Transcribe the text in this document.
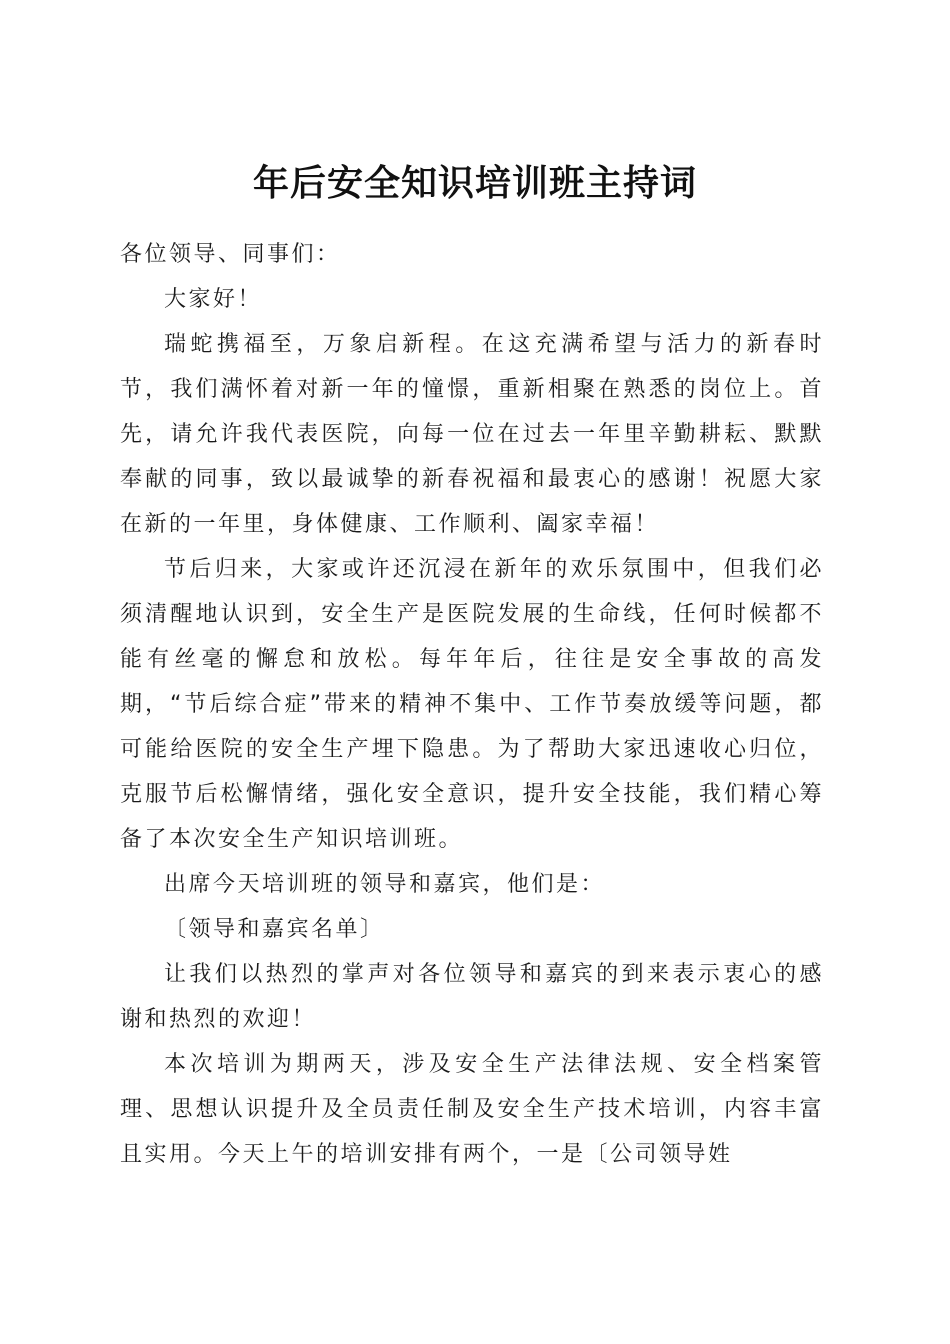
年后安全知识培训班主持词

各位领导、同事们：

大家好！

瑞蛇携福至，万象启新程。在这充满希望与活力的新春时节，我们满怀着对新一年的憧憬，重新相聚在熟悉的岗位上。首先，请允许我代表医院，向每一位在过去一年里辛勤耕耘、默默奉献的同事，致以最诚挚的新春祝福和最衷心的感谢！祝愿大家在新的一年里，身体健康、工作顺利、阖家幸福！

节后归来，大家或许还沉浸在新年的欢乐氛围中，但我们必须清醒地认识到，安全生产是医院发展的生命线，任何时候都不能有丝毫的懈怠和放松。每年年后，往往是安全事故的高发期，“节后综合症”带来的精神不集中、工作节奏放缓等问题，都可能给医院的安全生产埋下隐患。为了帮助大家迅速收心归位，克服节后松懈情绪，强化安全意识，提升安全技能，我们精心筹备了本次安全生产知识培训班。

出席今天培训班的领导和嘉宾，他们是：

〔领导和嘉宾名单〕

让我们以热烈的掌声对各位领导和嘉宾的到来表示衷心的感谢和热烈的欢迎！

本次培训为期两天，涉及安全生产法律法规、安全档案管理、思想认识提升及全员责任制及安全生产技术培训，内容丰富且实用。今天上午的培训安排有两个，一是〔公司领导姓
